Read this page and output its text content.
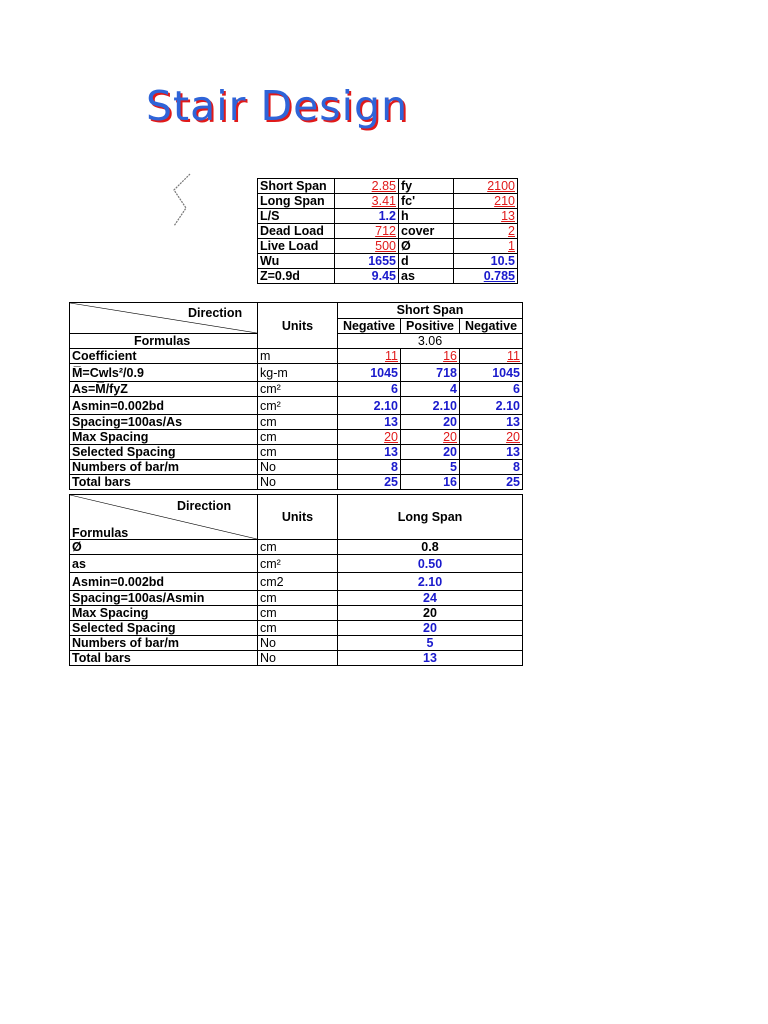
Stair Design
Short Span	2.85	fy	2100
Long Span	3.41	fc'	210
L/S	1.2	h	13
Dead Load	712	cover	2
Live Load	500	Ø	1
Wu	1655	d	10.5
Z=0.9d	9.45	as	0.785
Direction	Units	Short Span		
		Negative	Positive	Negative
Formulas		3.06		
Coefficient	m	11	16	11
M̅=Cwls²/0.9	kg-m	1045	718	1045
As=M̅/fyZ	cm²	6	4	6
Asmin=0.002bd	cm²	2.10	2.10	2.10
Spacing=100as/As	cm	13	20	13
Max Spacing	cm	20	20	20
Selected Spacing	cm	13	20	13
Numbers of bar/m	No	8	5	8
Total bars	No	25	16	25
Direction
Formulas	Units	Long Span
Ø	cm	0.8
as	cm²	0.50
Asmin=0.002bd	cm2	2.10
Spacing=100as/Asmin	cm	24
Max Spacing	cm	20
Selected Spacing	cm	20
Numbers of bar/m	No	5
Total bars	No	13
